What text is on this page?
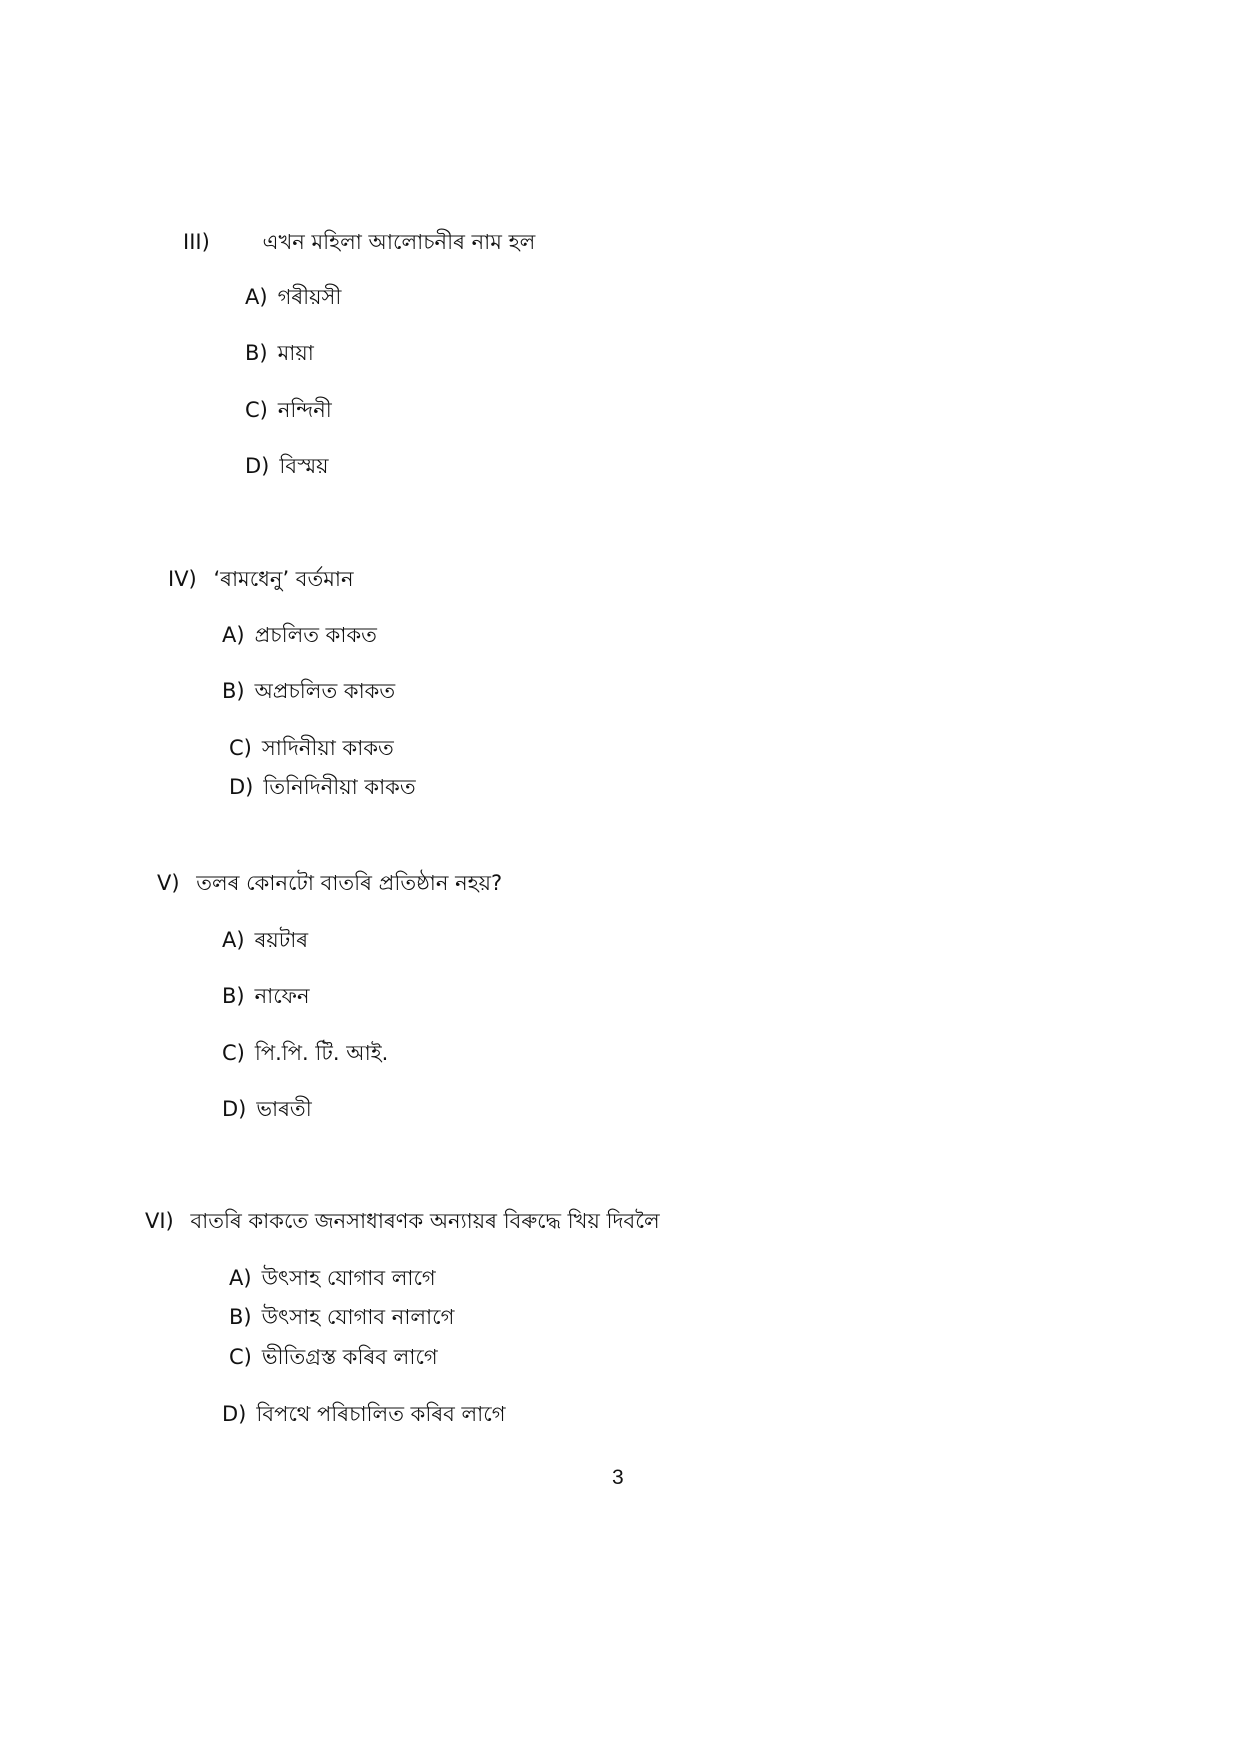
III)	এখন মহিলা আলোচনীৰ নাম হল
A) গৰীয়সী
B) মায়া
C) নন্দিনী
D) বিস্ময়
IV) ‘ৰামধেনু’ বর্তমান
A) প্রচলিত কাকত
B) অপ্রচলিত কাকত
C) সাদিনীয়া কাকত
D) তিনিদিনীয়া কাকত
V) তলৰ কোনটো বাতৰি প্রতিষ্ঠান নহয়?
A) ৰয়টাৰ
B) নাফেন
C) পি.পি. টি. আই.
D) ভাৰতী
VI) বাতৰি কাকতে জনসাধাৰণক অন্যায়ৰ বিৰুদ্ধে খিয় দিবলৈ
A) উৎসাহ যোগাব লাগে
B) উৎসাহ যোগাব নালাগে
C) ভীতিগ্রস্ত কৰিব লাগে
D) বিপথে পৰিচালিত কৰিব লাগে
3
